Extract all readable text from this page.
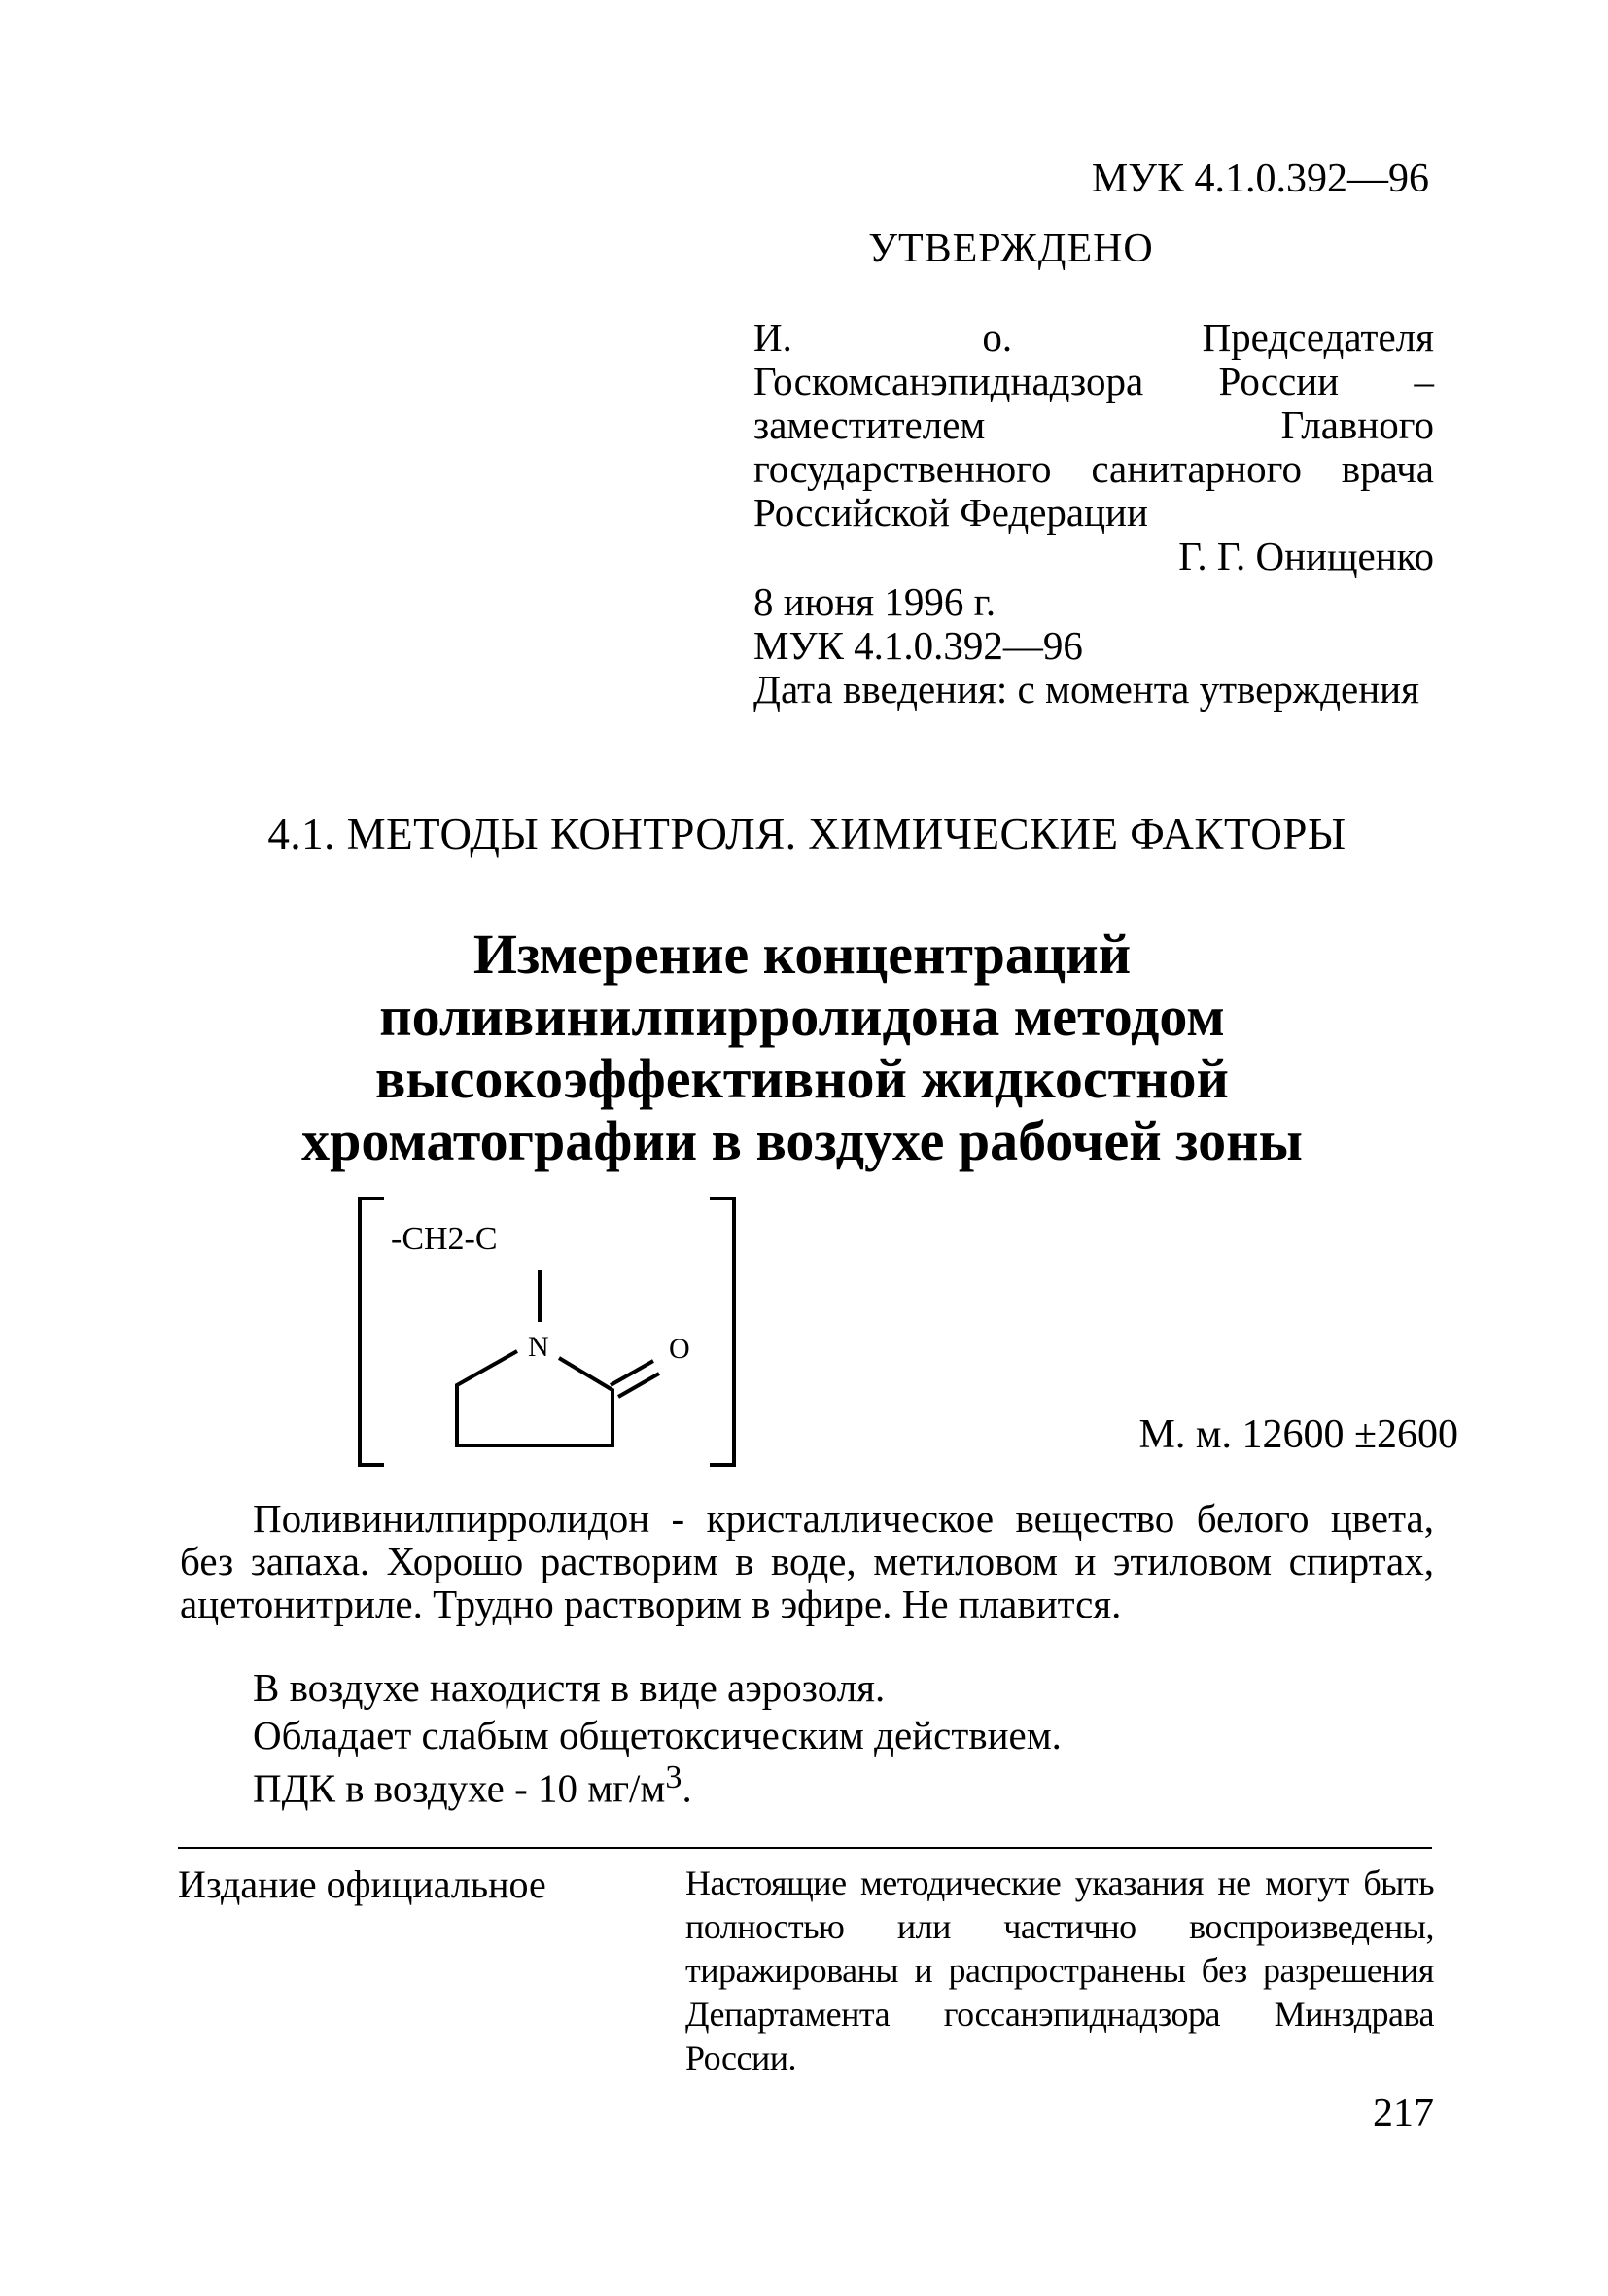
МУК 4.1.0.392—96
УТВЕРЖДЕНО
И. о. Председателя Госкомсанэпиднадзора России – заместителем Главного государственного санитарного врача Российской Федерации
Г. Г. Онищенко
8 июня 1996 г.
МУК 4.1.0.392—96
Дата введения: с момента утверждения
4.1. МЕТОДЫ КОНТРОЛЯ. ХИМИЧЕСКИЕ ФАКТОРЫ
Измерение концентраций
поливинилпирролидона методом
высокоэффективной жидкостной
хроматографии в воздухе рабочей зоны
-CH2-C
N	O
М. м. 12600 ±2600
Поливинилпирролидон - кристаллическое вещество белого цвета, без запаха. Хорошо растворим в воде, метиловом и этиловом спиртах, ацетонитриле. Трудно растворим в эфире. Не плавится.
В воздухе находистя в виде аэрозоля.
Обладает слабым общетоксическим действием.
ПДК в воздухе - 10 $мг/м^3$.
Издание официальное	Настоящие методические указания не могут быть полностью или частично воспроизведены, тиражированы и распространены без разрешения Департамента госсанэпиднадзора Минздрава России.
217
